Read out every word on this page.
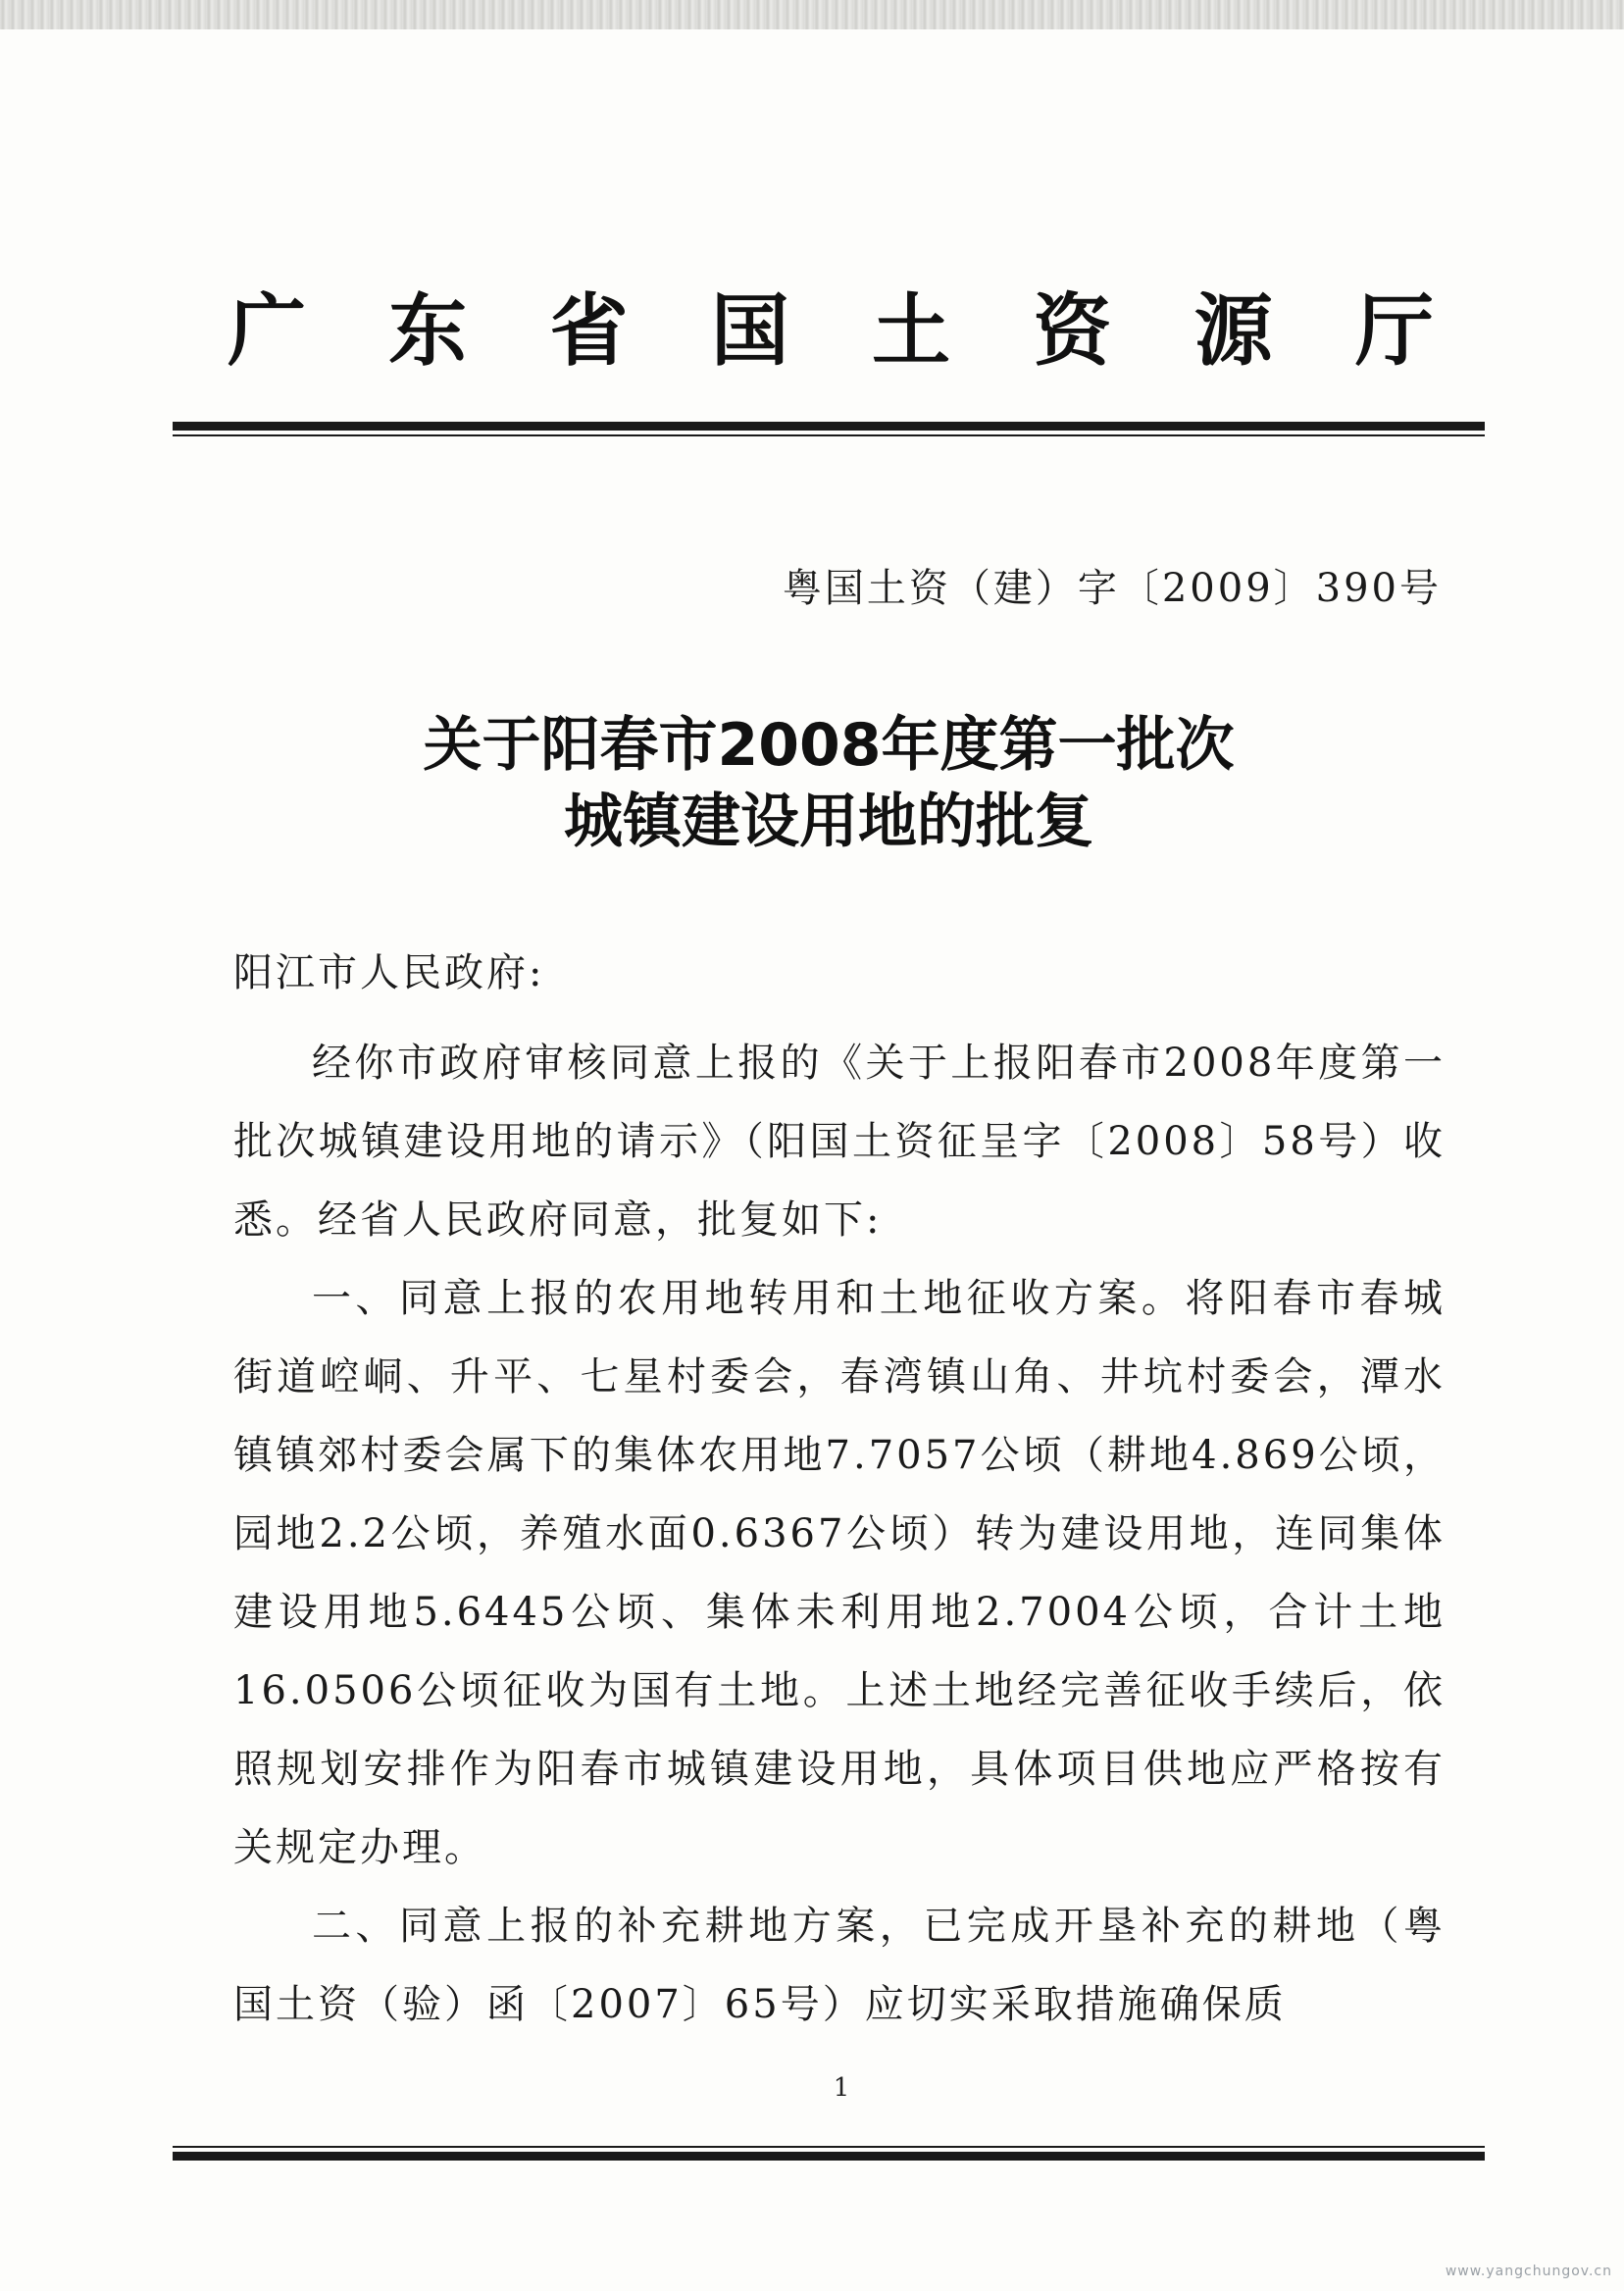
广 东 省 国 土 资 源 厅
粤国土资（建）字〔2009〕390号
关于阳春市2008年度第一批次
城镇建设用地的批复
阳江市人民政府:

经你市政府审核同意上报的《关于上报阳春市2008年度第一批次城镇建设用地的请示》（阳国土资征呈字〔2008〕58号）收悉。经省人民政府同意，批复如下:

一、同意上报的农用地转用和土地征收方案。将阳春市春城街道崆峒、升平、七星村委会，春湾镇山角、井坑村委会，潭水镇镇郊村委会属下的集体农用地7.7057公顷（耕地4.869公顷，园地2.2公顷，养殖水面0.6367公顷）转为建设用地，连同集体建设用地5.6445公顷、集体未利用地2.7004公顷，合计土地16.0506公顷征收为国有土地。上述土地经完善征收手续后，依照规划安排作为阳春市城镇建设用地，具体项目供地应严格按有关规定办理。

二、同意上报的补充耕地方案，已完成开垦补充的耕地（粤国土资（验）函〔2007〕65号）应切实采取措施确保质

1
www.yangchungov.cn
